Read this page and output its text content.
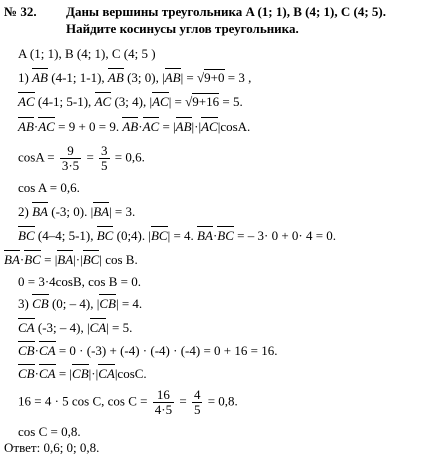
№ 32. Даны вершины треугольника A (1; 1), B (4; 1), C (4; 5).
Найдите косинусы углов треугольника.
A (1; 1), B (4; 1), C (4; 5 )
1) AB (4-1; 1-1), AB (3; 0), |AB| = √9+0 = 3 ,
AC (4-1; 5-1), AC (3; 4), |AC| = √9+16 = 5.
AB·AC = 9 + 0 = 9. AB·AC = |AB|·|AC|cosA.
$\cos A = \frac{9}{3\cdot 5} = \frac{3}{5} = 0,6$.
cos A = 0,6.
2) BA (-3; 0). |BA| = 3.
BC (4–4; 5-1), BC (0;4). |BC| = 4. BA·BC = – 3· 0 + 0· 4 = 0.
BA·BC = |BA|·|BC| cos B.
0 = 3·4cosB, cos B = 0.
3) CB (0; – 4), |CB| = 4.
CA (-3; – 4), |CA| = 5.
CB·CA = 0 · (-3) + (-4) · (-4) · (-4) = 0 + 16 = 16.
CB·CA = |CB|·|CA|cosC.
16 = 4 · 5 cos C, $\cos C = \frac{16}{4\cdot 5} = \frac{4}{5} = 0,8$.
cos C = 0,8.
Ответ: 0,6; 0; 0,8.
